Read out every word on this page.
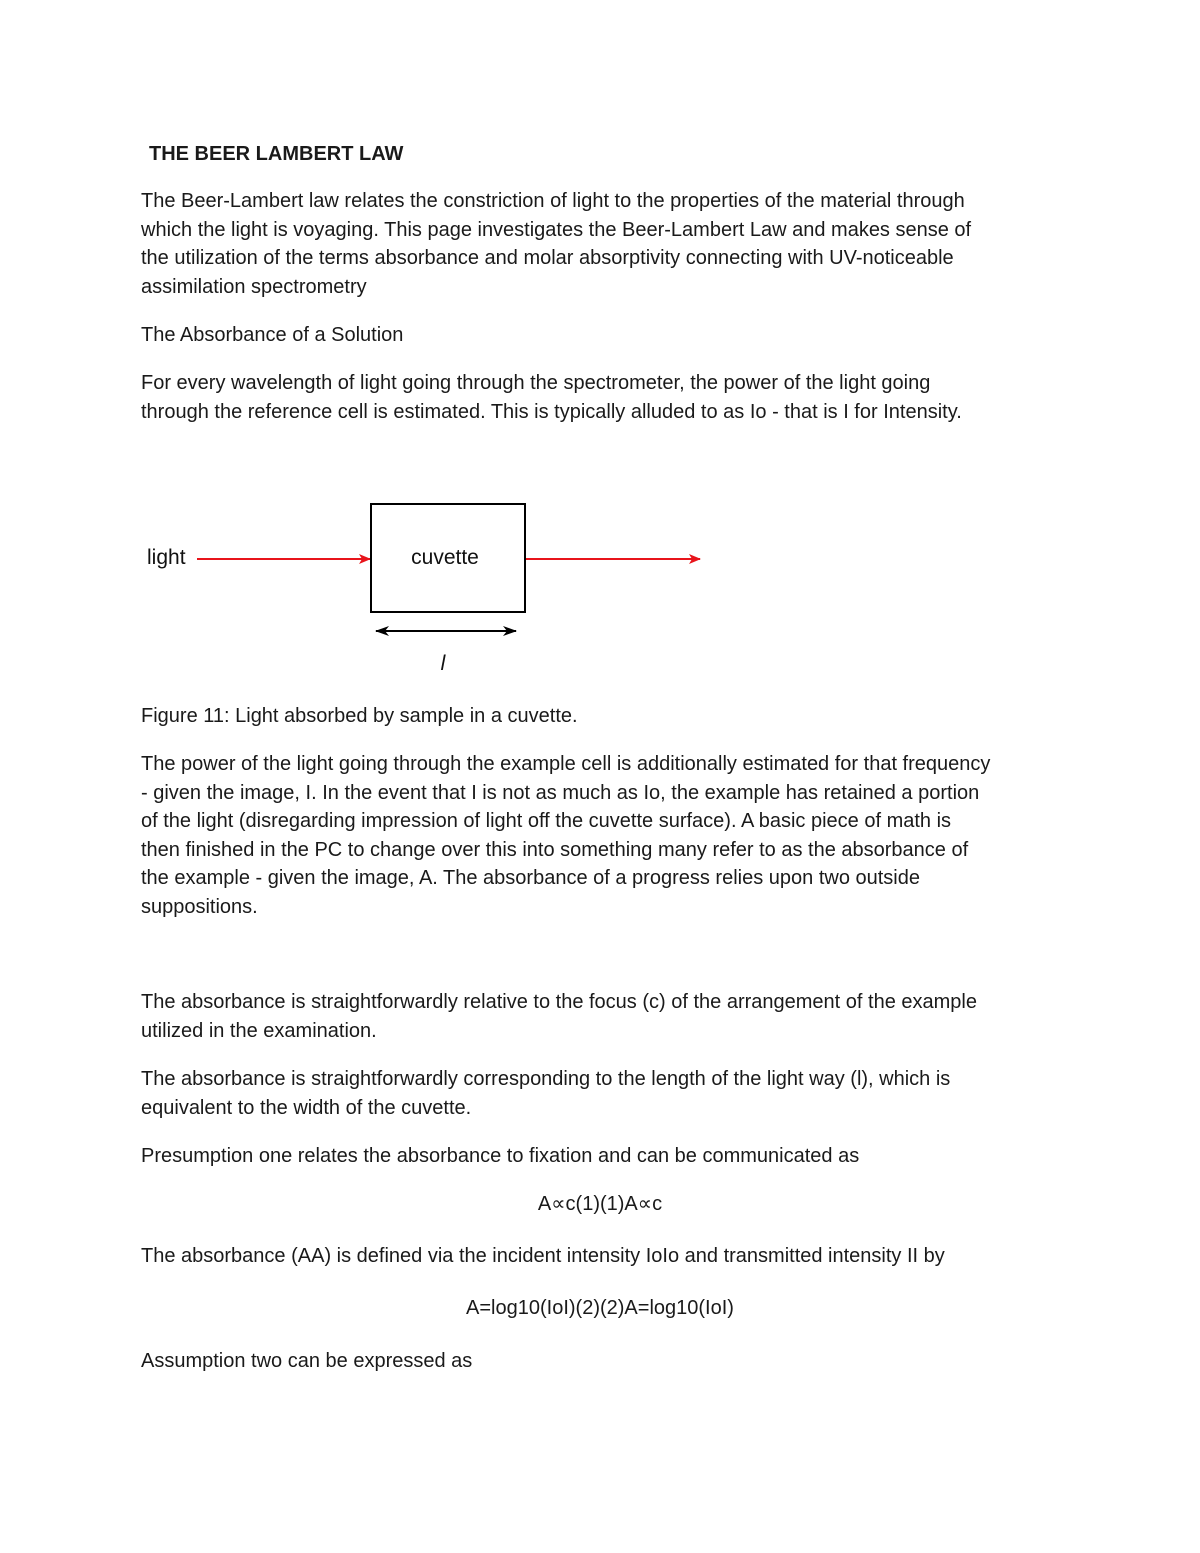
THE BEER LAMBERT LAW
The Beer-Lambert law relates the constriction of light to the properties of the material through
which the light is voyaging. This page investigates the Beer-Lambert Law and makes sense of
the utilization of the terms absorbance and molar absorptivity connecting with UV-noticeable
assimilation spectrometry

The Absorbance of a Solution

For every wavelength of light going through the spectrometer, the power of the light going
through the reference cell is estimated. This is typically alluded to as Io - that is I for Intensity.
light	cuvette
l

Figure 11: Light absorbed by sample in a cuvette.

The power of the light going through the example cell is additionally estimated for that frequency
- given the image, I. In the event that I is not as much as Io, the example has retained a portion
of the light (disregarding impression of light off the cuvette surface). A basic piece of math is
then finished in the PC to change over this into something many refer to as the absorbance of
the example - given the image, A. The absorbance of a progress relies upon two outside
suppositions.
The absorbance is straightforwardly relative to the focus (c) of the arrangement of the example
utilized in the examination.
The absorbance is straightforwardly corresponding to the length of the light way (l), which is
equivalent to the width of the cuvette.

Presumption one relates the absorbance to fixation and can be communicated as

A∝c(1)(1)A∝c

The absorbance (AA) is defined via the incident intensity IoIo and transmitted intensity II by

A=log10(IoI)(2)(2)A=log10⁡(IoI)

Assumption two can be expressed as
